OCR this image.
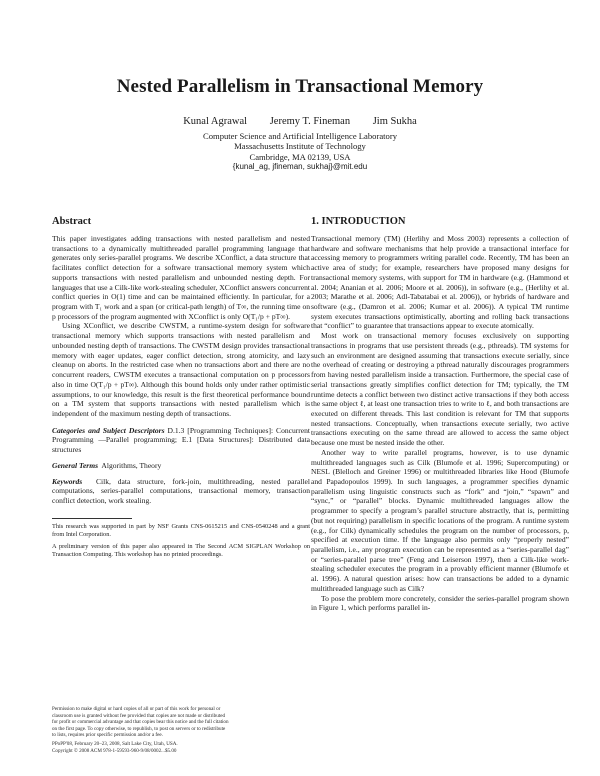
Nested Parallelism in Transactional Memory
Kunal Agrawal Jeremy T. Fineman Jim Sukha
Computer Science and Artificial Intelligence Laboratory
Massachusetts Institute of Technology
Cambridge, MA 02139, USA
{kunal_ag, jfineman, sukhaj}@mit.edu
Abstract

This paper investigates adding transactions with nested parallelism and nested transactions to a dynamically multithreaded parallel programming language that generates only series-parallel programs. We describe XConflict, a data structure that facilitates conflict detection for a software transactional memory system which supports transactions with nested parallelism and unbounded nesting depth. For languages that use a Cilk-like work-stealing scheduler, XConflict answers concurrent conflict queries in O(1) time and can be maintained efficiently. In particular, for a program with T₁ work and a span (or critical-path length) of T∞, the running time on p processors of the program augmented with XConflict is only O(T₁/p + pT∞).

Using XConflict, we describe CWSTM, a runtime-system design for software transactional memory which supports transactions with nested parallelism and unbounded nesting depth of transactions. The CWSTM design provides transactional memory with eager updates, eager conflict detection, strong atomicity, and lazy cleanup on aborts. In the restricted case when no transactions abort and there are no concurrent readers, CWSTM executes a transactional computation on p processors also in time O(T₁/p + pT∞). Although this bound holds only under rather optimistic assumptions, to our knowledge, this result is the first theoretical performance bound on a TM system that supports transactions with nested parallelism which is independent of the maximum nesting depth of transactions.

Categories and Subject Descriptors D.1.3 [Programming Techniques]: Concurrent Programming —Parallel programming; E.1 [Data Structures]: Distributed data structures

General Terms Algorithms, Theory

Keywords Cilk, data structure, fork-join, multithreading, nested parallel computations, series-parallel computations, transactional memory, transaction conflict detection, work stealing.

This research was supported in part by NSF Grants CNS-0615215 and CNS-0540248 and a grant from Intel Corporation.

A preliminary version of this paper also appeared in The Second ACM SIGPLAN Workshop on Transaction Computing. This workshop has no printed proceedings.

Permission to make digital or hard copies of all or part of this work for personal or
classroom use is granted without fee provided that copies are not made or distributed
for profit or commercial advantage and that copies bear this notice and the full citation
on the first page. To copy otherwise, to republish, to post on servers or to redistribute
to lists, requires prior specific permission and/or a fee.
PPoPP'08, February 20–23, 2008, Salt Lake City, Utah, USA.
Copyright © 2008 ACM 978-1-59593-960-9/08/0002...$5.00
1. INTRODUCTION

Transactional memory (TM) (Herlihy and Moss 2003) represents a collection of hardware and software mechanisms that help provide a transactional interface for accessing memory to programmers writing parallel code. Recently, TM has been an active area of study; for example, researchers have proposed many designs for transactional memory systems, with support for TM in hardware (e.g. (Hammond et al. 2004; Ananian et al. 2006; Moore et al. 2006)), in software (e.g., (Herlihy et al. 2003; Marathe et al. 2006; Adl-Tabatabai et al. 2006)), or hybrids of hardware and software (e.g., (Damron et al. 2006; Kumar et al. 2006)). A typical TM runtime system executes transactions optimistically, aborting and rolling back transactions that “conflict” to guarantee that transactions appear to execute atomically.

Most work on transactional memory focuses exclusively on supporting transactions in programs that use persistent threads (e.g., pthreads). TM systems for such an environment are designed assuming that transactions execute serially, since the overhead of creating or destroying a pthread naturally discourages programmers from having nested parallelism inside a transaction. Furthermore, the special case of serial transactions greatly simplifies conflict detection for TM; typically, the TM runtime detects a conflict between two distinct active transactions if they both access the same object ℓ, at least one transaction tries to write to ℓ, and both transactions are executed on different threads. This last condition is relevant for TM that supports nested transactions. Conceptually, when transactions execute serially, two active transactions executing on the same thread are allowed to access the same object because one must be nested inside the other.

Another way to write parallel programs, however, is to use dynamic multithreaded languages such as Cilk (Blumofe et al. 1996; Supercomputing) or NESL (Blelloch and Greiner 1996) or multithreaded libraries like Hood (Blumofe and Papadopoulos 1999). In such languages, a programmer specifies dynamic parallelism using linguistic constructs such as “fork” and “join,” “spawn” and “sync,” or “parallel” blocks. Dynamic multithreaded languages allow the programmer to specify a program’s parallel structure abstractly, that is, permitting (but not requiring) parallelism in specific locations of the program. A runtime system (e.g., for Cilk) dynamically schedules the program on the number of processors, p, specified at execution time. If the language also permits only “properly nested” parallelism, i.e., any program execution can be represented as a “series-parallel dag” or “series-parallel parse tree” (Feng and Leiserson 1997), then a Cilk-like work-stealing scheduler executes the program in a provably efficient manner (Blumofe et al. 1996). A natural question arises: how can transactions be added to a dynamic multithreaded language such as Cilk?

To pose the problem more concretely, consider the series-parallel program shown in Figure 1, which performs parallel in-
